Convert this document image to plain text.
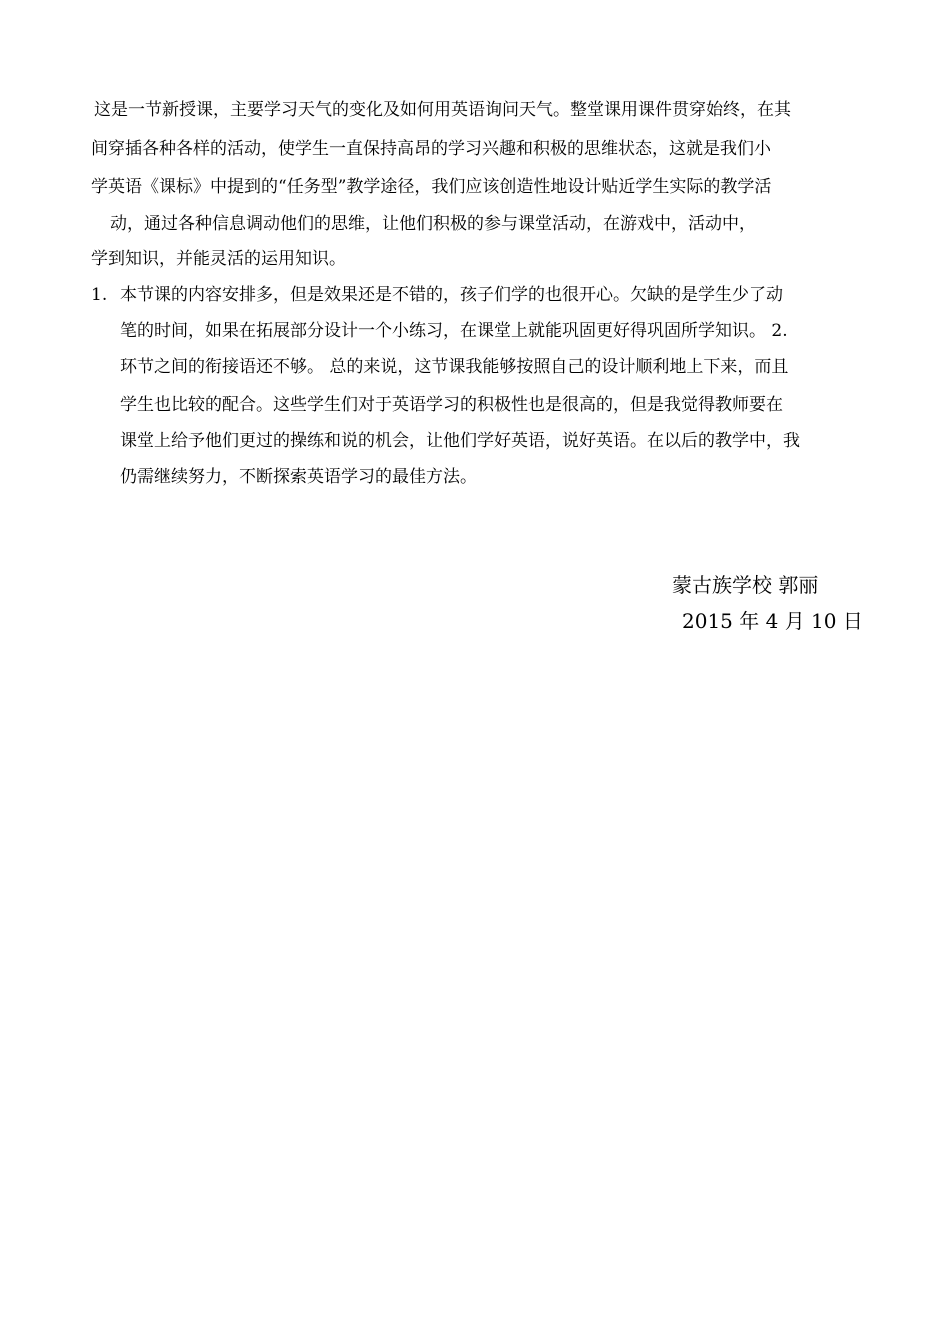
这是一节新授课，主要学习天气的变化及如何用英语询问天气。整堂课用课件贯穿始终，在其
间穿插各种各样的活动，使学生一直保持高昂的学习兴趣和积极的思维状态，这就是我们小
学英语《课标》中提到的“任务型”教学途径，我们应该创造性地设计贴近学生实际的教学活
动，通过各种信息调动他们的思维，让他们积极的参与课堂活动，在游戏中，活动中，
学到知识，并能灵活的运用知识。
1. 本节课的内容安排多，但是效果还是不错的，孩子们学的也很开心。欠缺的是学生少了动
笔的时间，如果在拓展部分设计一个小练习，在课堂上就能巩固更好得巩固所学知识。 2.
环节之间的衔接语还不够。 总的来说，这节课我能够按照自己的设计顺利地上下来，而且
学生也比较的配合。这些学生们对于英语学习的积极性也是很高的，但是我觉得教师要在
课堂上给予他们更过的操练和说的机会，让他们学好英语，说好英语。在以后的教学中，我
仍需继续努力，不断探索英语学习的最佳方法。
蒙古族学校 郭丽
2015 年 4 月 10 日
